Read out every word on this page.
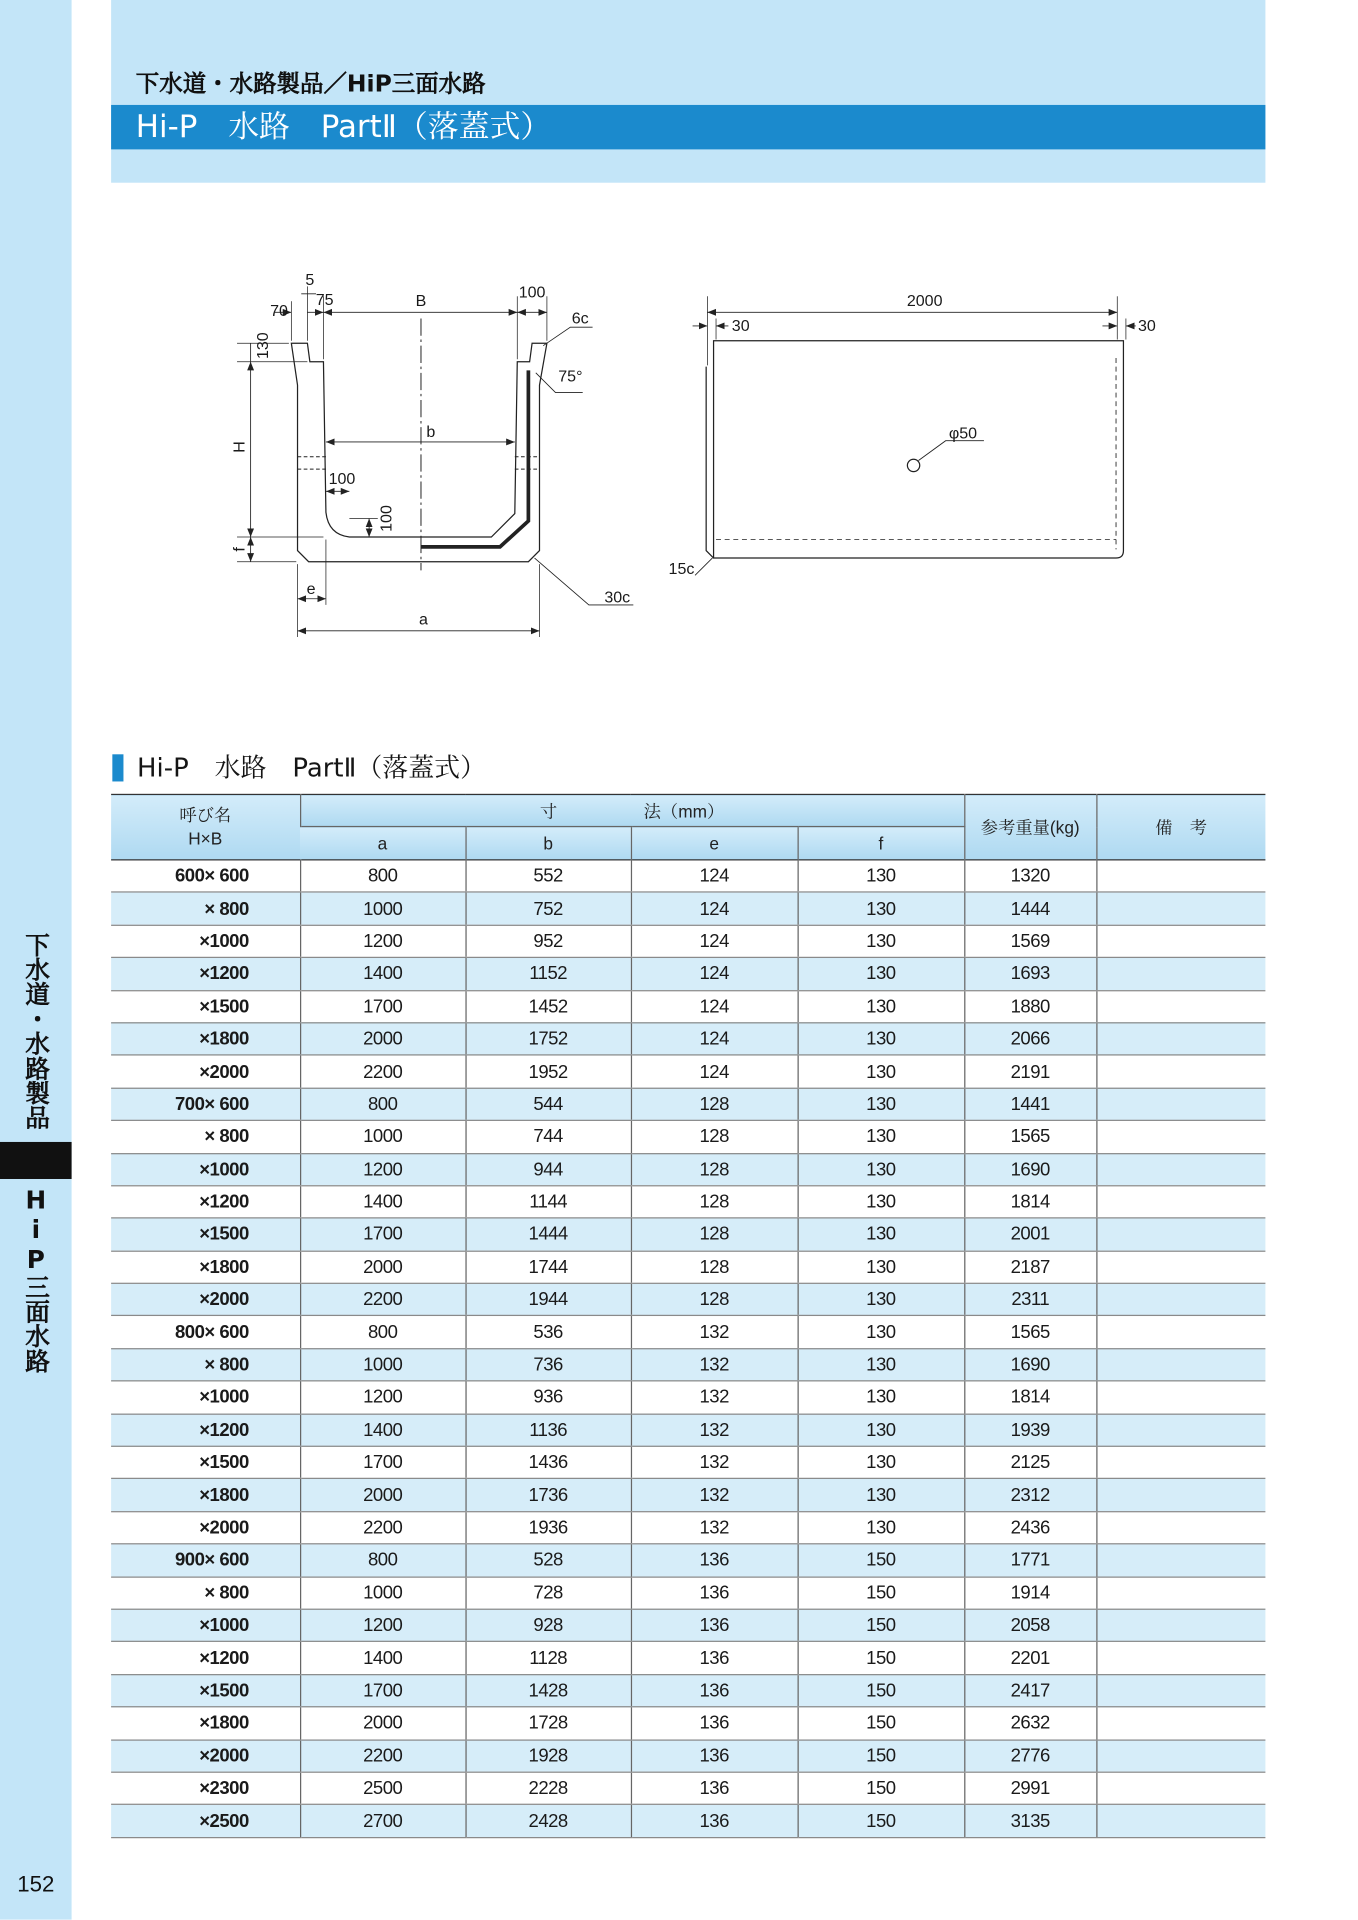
下水道・水路製品
HiP三面水路
152
下水道・水路製品／HiP三面水路
Hi-P　水路　PartⅡ（落蓋式）
5
75
70
B	100
6c
75°
130
H
f
b
100
100
e
a
30c
2000
30	30
φ50
15c
Hi-P　水路　PartⅡ（落蓋式）
呼び名
H×B	寸　　　　　法（mm）				参考重量(kg)	備　考
	a	b	e	f		
600× 600	800	552	124	130	1320	
× 800	1000	752	124	130	1444	
×1000	1200	952	124	130	1569	
×1200	1400	1152	124	130	1693	
×1500	1700	1452	124	130	1880	
×1800	2000	1752	124	130	2066	
×2000	2200	1952	124	130	2191	
700× 600	800	544	128	130	1441	
× 800	1000	744	128	130	1565	
×1000	1200	944	128	130	1690	
×1200	1400	1144	128	130	1814	
×1500	1700	1444	128	130	2001	
×1800	2000	1744	128	130	2187	
×2000	2200	1944	128	130	2311	
800× 600	800	536	132	130	1565	
× 800	1000	736	132	130	1690	
×1000	1200	936	132	130	1814	
×1200	1400	1136	132	130	1939	
×1500	1700	1436	132	130	2125	
×1800	2000	1736	132	130	2312	
×2000	2200	1936	132	130	2436	
900× 600	800	528	136	150	1771	
× 800	1000	728	136	150	1914	
×1000	1200	928	136	150	2058	
×1200	1400	1128	136	150	2201	
×1500	1700	1428	136	150	2417	
×1800	2000	1728	136	150	2632	
×2000	2200	1928	136	150	2776	
×2300	2500	2228	136	150	2991	
×2500	2700	2428	136	150	3135	
